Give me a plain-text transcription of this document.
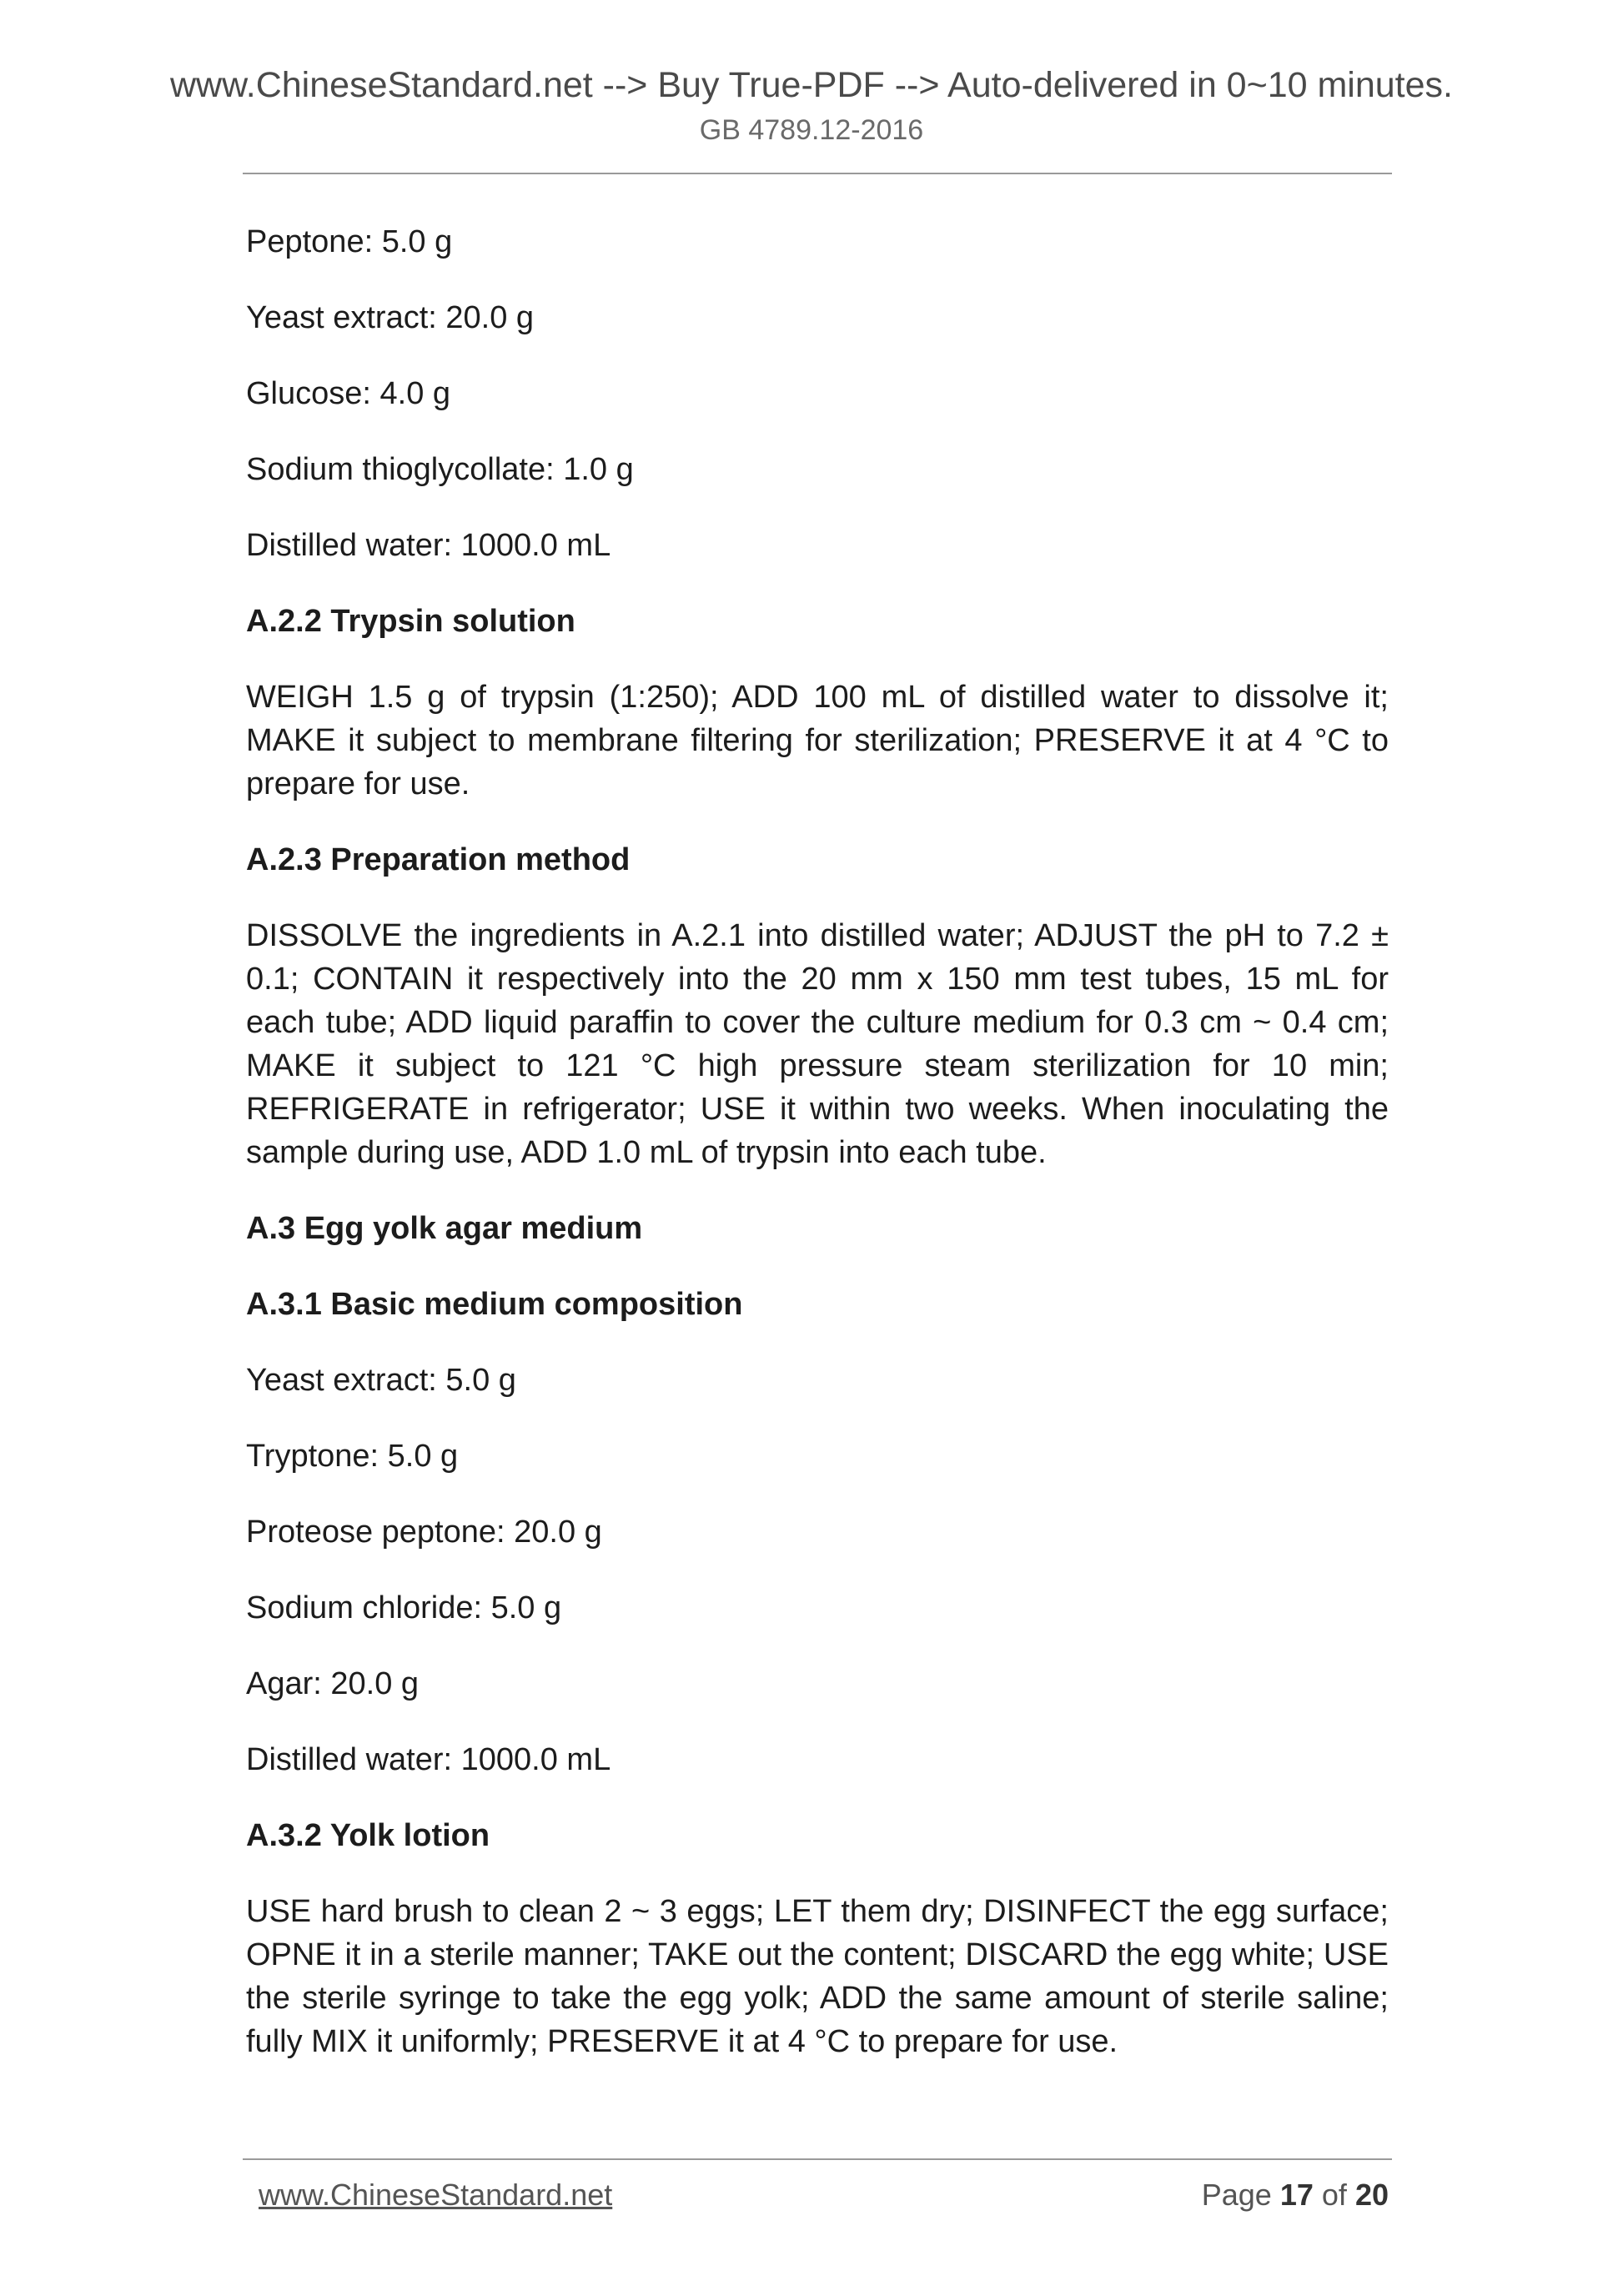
www.ChineseStandard.net --> Buy True-PDF --> Auto-delivered in 0~10 minutes.
GB 4789.12-2016

Peptone: 5.0 g

Yeast extract: 20.0 g

Glucose: 4.0 g

Sodium thioglycollate: 1.0 g

Distilled water: 1000.0 mL

A.2.2 Trypsin solution

WEIGH 1.5 g of trypsin (1:250); ADD 100 mL of distilled water to dissolve it; MAKE it subject to membrane filtering for sterilization; PRESERVE it at 4 °C to prepare for use.

A.2.3 Preparation method

DISSOLVE the ingredients in A.2.1 into distilled water; ADJUST the pH to 7.2 ± 0.1; CONTAIN it respectively into the 20 mm x 150 mm test tubes, 15 mL for each tube; ADD liquid paraffin to cover the culture medium for 0.3 cm ~ 0.4 cm; MAKE it subject to 121 °C high pressure steam sterilization for 10 min; REFRIGERATE in refrigerator; USE it within two weeks. When inoculating the sample during use, ADD 1.0 mL of trypsin into each tube.

A.3 Egg yolk agar medium

A.3.1 Basic medium composition

Yeast extract: 5.0 g

Tryptone: 5.0 g

Proteose peptone: 20.0 g

Sodium chloride: 5.0 g

Agar: 20.0 g

Distilled water: 1000.0 mL

A.3.2 Yolk lotion

USE hard brush to clean 2 ~ 3 eggs; LET them dry; DISINFECT the egg surface; OPNE it in a sterile manner; TAKE out the content; DISCARD the egg white; USE the sterile syringe to take the egg yolk; ADD the same amount of sterile saline; fully MIX it uniformly; PRESERVE it at 4 °C to prepare for use.

www.ChineseStandard.net	Page 17 of 20
